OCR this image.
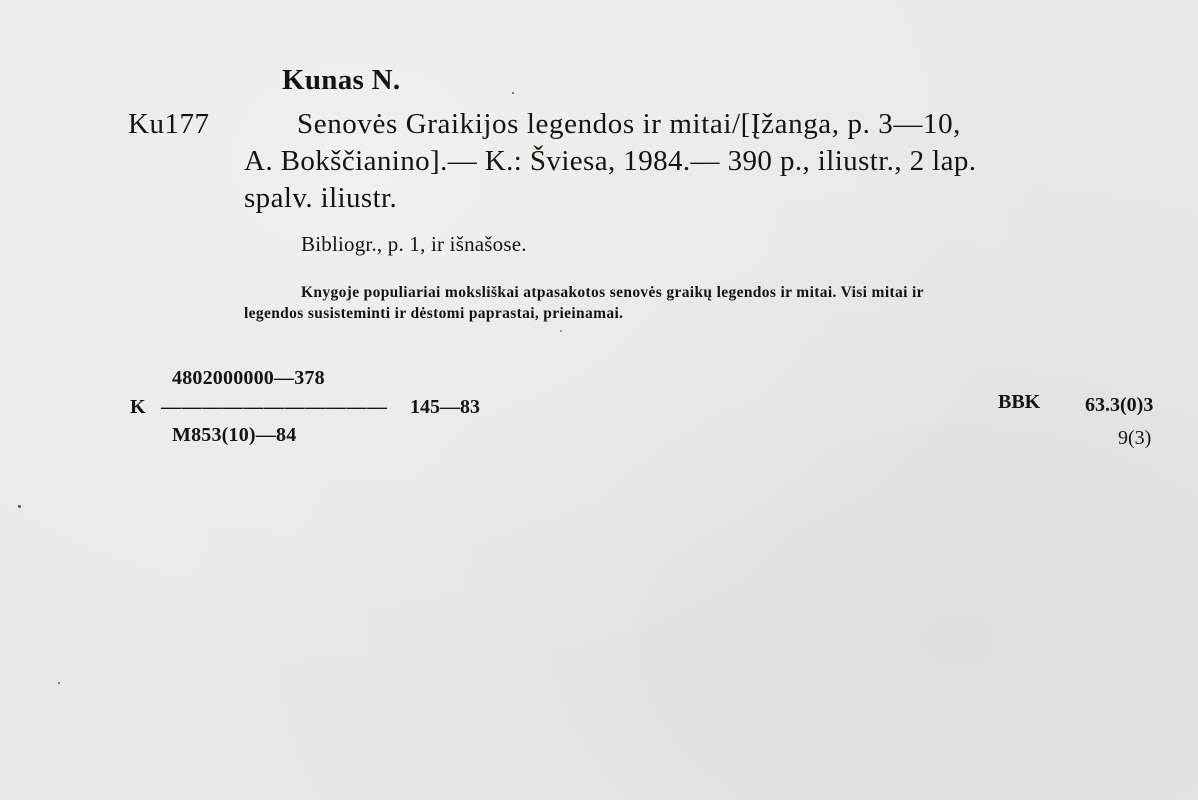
Kunas N.
Ku177	Senovės Graikijos legendos ir mitai/[Įžanga, p. 3—10,
A. Bokščianino].— K.: Šviesa, 1984.— 390 p., iliustr., 2 lap.
spalv. iliustr.
Bibliogr., p. 1, ir išnašose.
Knygoje populiariai moksliškai atpasakotos senovės graikų legendos ir mitai. Visi mitai ir
legendos susisteminti ir dėstomi paprastai, prieinamai.
4802000000—378
K ——————————— 145—83
M853(10)—84
BBK 63.3(0)3
9(3)
